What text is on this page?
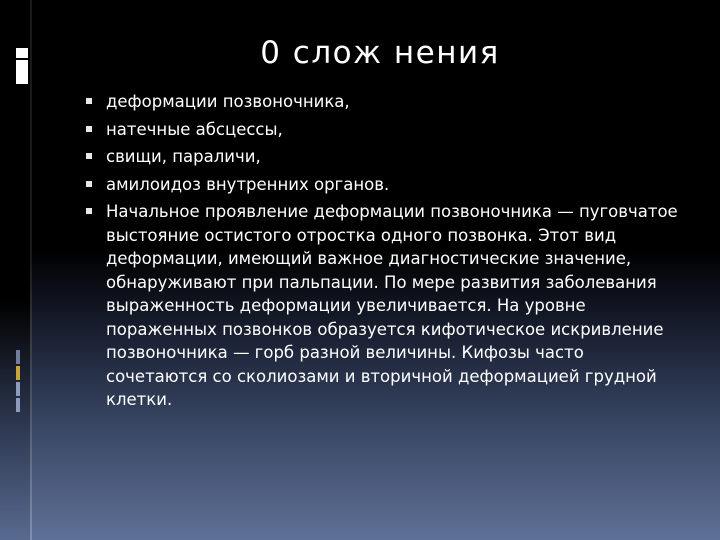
0 слож нения
деформации позвоночника,
натечные абсцессы,
свищи, параличи,
амилоидоз внутренних органов.
Начальное проявление деформации позвоночника — пуговчатое выстояние остистого отростка одного позвонка. Этот вид деформации, имеющий важное диагностические значение, обнаруживают при пальпации. По мере развития заболевания выраженность деформации увеличивается. На уровне пораженных позвонков образуется кифотическое искривление позвоночника — горб разной величины. Кифозы часто сочетаются со сколиозами и вторичной деформацией грудной клетки.
